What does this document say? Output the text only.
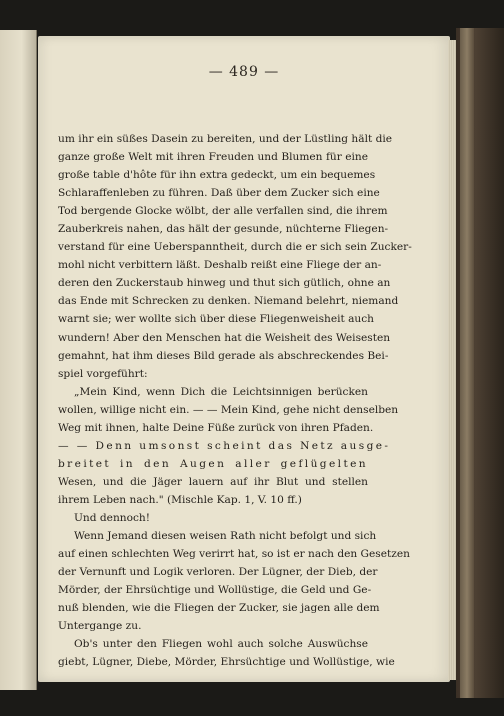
— 489 —
um ihr ein süßes Dasein zu bereiten, und der Lüstling hält die
ganze große Welt mit ihren Freuden und Blumen für eine
große table d'hôte für ihn extra gedeckt, um ein bequemes
Schlaraffenleben zu führen. Daß über dem Zucker sich eine
Tod bergende Glocke wölbt, der alle verfallen sind, die ihrem
Zauberkreis nahen, das hält der gesunde, nüchterne Fliegen-
verstand für eine Ueberspanntheit, durch die er sich sein Zucker-
mohl nicht verbittern läßt. Deshalb reißt eine Fliege der an-
deren den Zuckerstaub hinweg und thut sich gütlich, ohne an
das Ende mit Schrecken zu denken. Niemand belehrt, niemand
warnt sie; wer wollte sich über diese Fliegenweisheit auch
wundern! Aber den Menschen hat die Weisheit des Weisesten
gemahnt, hat ihm dieses Bild gerade als abschreckendes Bei-
spiel vorgeführt:
„Mein Kind, wenn Dich die Leichtsinnigen berücken
wollen, willige nicht ein. — — Mein Kind, gehe nicht denselben
Weg mit ihnen, halte Deine Füße zurück von ihren Pfaden.
— — Denn umsonst scheint das Netz ausge-
breitet in den Augen aller geflügelten
Wesen, und die Jäger lauern auf ihr Blut und stellen
ihrem Leben nach." (Mischle Kap. 1, V. 10 ff.)
Und dennoch!
Wenn Jemand diesen weisen Rath nicht befolgt und sich
auf einen schlechten Weg verirrt hat, so ist er nach den Gesetzen
der Vernunft und Logik verloren. Der Lügner, der Dieb, der
Mörder, der Ehrsüchtige und Wollüstige, die Geld und Ge-
nuß blenden, wie die Fliegen der Zucker, sie jagen alle dem
Untergange zu.
Ob's unter den Fliegen wohl auch solche Auswüchse
giebt, Lügner, Diebe, Mörder, Ehrsüchtige und Wollüstige, wie
